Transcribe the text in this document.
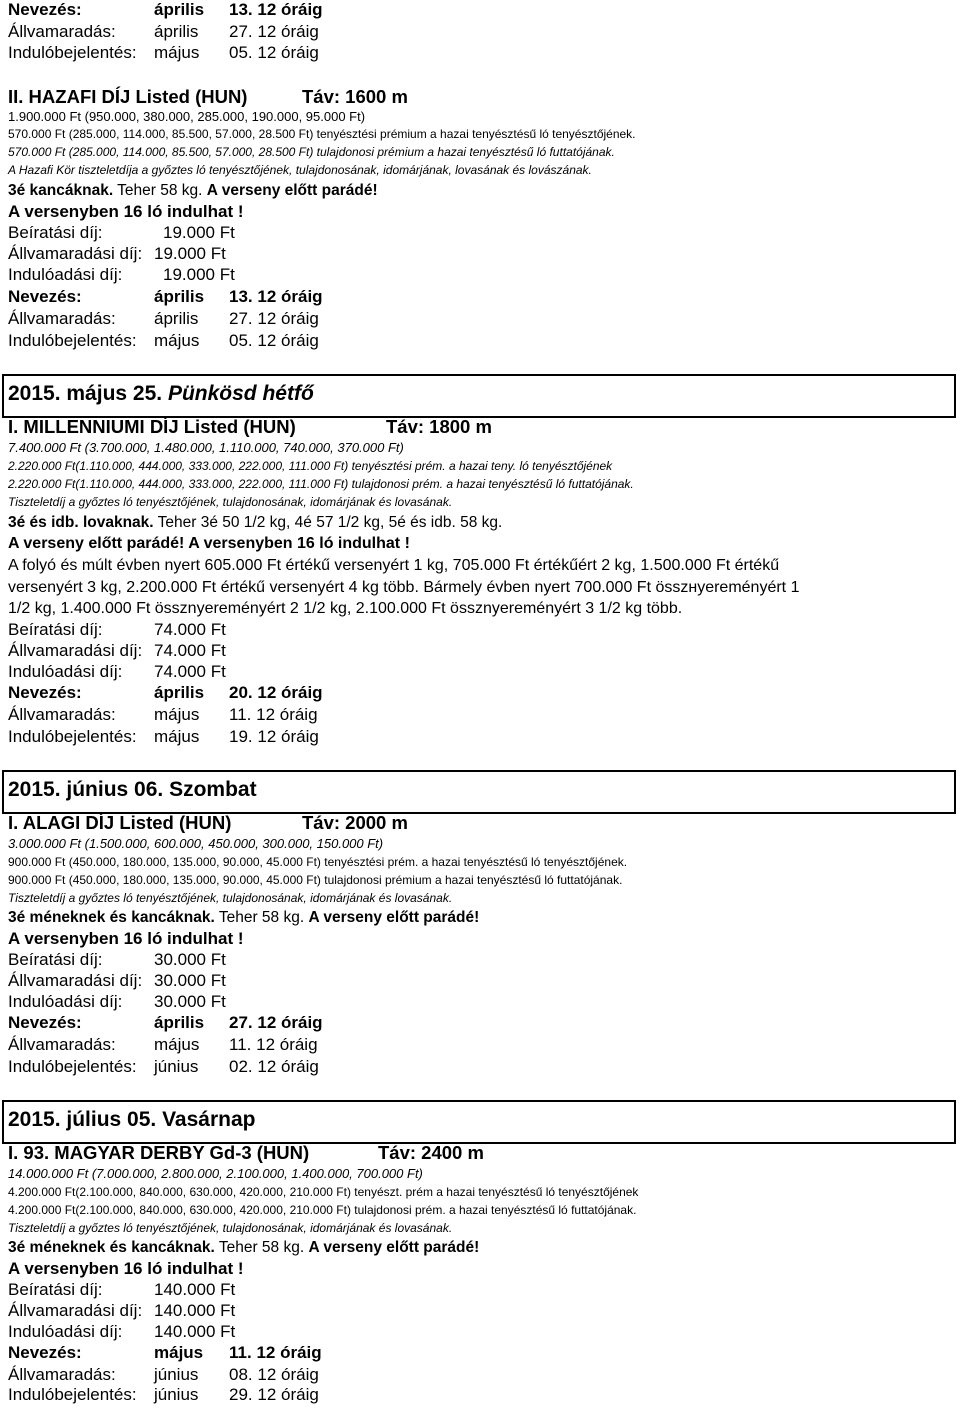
Nevezés:	április 13. 12 óráig
Állvamaradás: április 27. 12 óráig
Indulóbejelentés: május 05. 12 óráig
II. HAZAFI DÍJ Listed (HUN)	Táv: 1600 m
1.900.000 Ft (950.000, 380.000, 285.000, 190.000, 95.000 Ft)
570.000 Ft (285.000, 114.000, 85.500, 57.000, 28.500 Ft) tenyésztési prémium a hazai tenyésztésű ló tenyésztőjének.
570.000 Ft (285.000, 114.000, 85.500, 57.000, 28.500 Ft) tulajdonosi prémium a hazai tenyésztésű ló futtatójának.
A Hazafi Kör tiszteletdíja a győztes ló tenyésztőjének, tulajdonosának, idomárjának, lovasának és lovászának.
3é kancáknak. Teher 58 kg. A verseny előtt parádé!
A versenyben 16 ló indulhat !
Beíratási díj:	19.000 Ft
Állvamaradási díj: 19.000 Ft
Indulóadási díj: 19.000 Ft
Nevezés:	április 13. 12 óráig
Állvamaradás: április 27. 12 óráig
Indulóbejelentés: május 05. 12 óráig
2015. május 25. Pünkösd hétfő
I. MILLENNIUMI DÍJ Listed (HUN)	Táv: 1800 m
7.400.000 Ft (3.700.000, 1.480.000, 1.110.000, 740.000, 370.000 Ft)
2.220.000 Ft(1.110.000, 444.000, 333.000, 222.000, 111.000 Ft) tenyésztési prém. a hazai teny. ló tenyésztőjének
2.220.000 Ft(1.110.000, 444.000, 333.000, 222.000, 111.000 Ft) tulajdonosi prém. a hazai tenyésztésű ló futtatójának.
Tiszteletdíj a győztes ló tenyésztőjének, tulajdonosának, idomárjának és lovasának.
3é és idb. lovaknak. Teher 3é 50 1/2 kg, 4é 57 1/2 kg, 5é és idb. 58 kg.
A verseny előtt parádé! A versenyben 16 ló indulhat !
A folyó és múlt évben nyert 605.000 Ft értékű versenyért 1 kg, 705.000 Ft értékűért 2 kg, 1.500.000 Ft értékű
versenyért 3 kg, 2.200.000 Ft értékű versenyért 4 kg több. Bármely évben nyert 700.000 Ft összнyereményért 1
1/2 kg, 1.400.000 Ft össznyereményért 2 1/2 kg, 2.100.000 Ft össznyereményért 3 1/2 kg több.
Beíratási díj:	74.000 Ft
Állvamaradási díj: 74.000 Ft
Indulóadási díj: 74.000 Ft
Nevezés:	április 20. 12 óráig
Állvamaradás: május 11. 12 óráig
Indulóbejelentés: május 19. 12 óráig
2015. június 06. Szombat
I. ALAGI DÍJ Listed (HUN)	Táv: 2000 m
3.000.000 Ft (1.500.000, 600.000, 450.000, 300.000, 150.000 Ft)
900.000 Ft (450.000, 180.000, 135.000, 90.000, 45.000 Ft) tenyésztési prém. a hazai tenyésztésű ló tenyésztőjének.
900.000 Ft (450.000, 180.000, 135.000, 90.000, 45.000 Ft) tulajdonosi prémium a hazai tenyésztésű ló futtatójának.
Tiszteletdíj a győztes ló tenyésztőjének, tulajdonosának, idomárjának és lovasának.
3é méneknek és kancáknak. Teher 58 kg. A verseny előtt parádé!
A versenyben 16 ló indulhat !
Beíratási díj:	30.000 Ft
Állvamaradási díj: 30.000 Ft
Indulóadási díj: 30.000 Ft
Nevezés:	április 27. 12 óráig
Állvamaradás: május 11. 12 óráig
Indulóbejelentés: június 02. 12 óráig
2015. július 05. Vasárnap
I. 93. MAGYAR DERBY Gd-3 (HUN)	Táv: 2400 m
14.000.000 Ft (7.000.000, 2.800.000, 2.100.000, 1.400.000, 700.000 Ft)
4.200.000 Ft(2.100.000, 840.000, 630.000, 420.000, 210.000 Ft) tenyészt. prém a hazai tenyésztésű ló tenyésztőjének
4.200.000 Ft(2.100.000, 840.000, 630.000, 420.000, 210.000 Ft) tulajdonosi prém. a hazai tenyésztésű ló futtatójának.
Tiszteletdíj a győztes ló tenyésztőjének, tulajdonosának, idomárjának és lovasának.
3é méneknek és kancáknak. Teher 58 kg. A verseny előtt parádé!
A versenyben 16 ló indulhat !
Beíratási díj:	140.000 Ft
Állvamaradási díj: 140.000 Ft
Indulóadási díj: 140.000 Ft
Nevezés:	május 11. 12 óráig
Állvamaradás: június 08. 12 óráig
Indulóbejelentés: június 29. 12 óráig
